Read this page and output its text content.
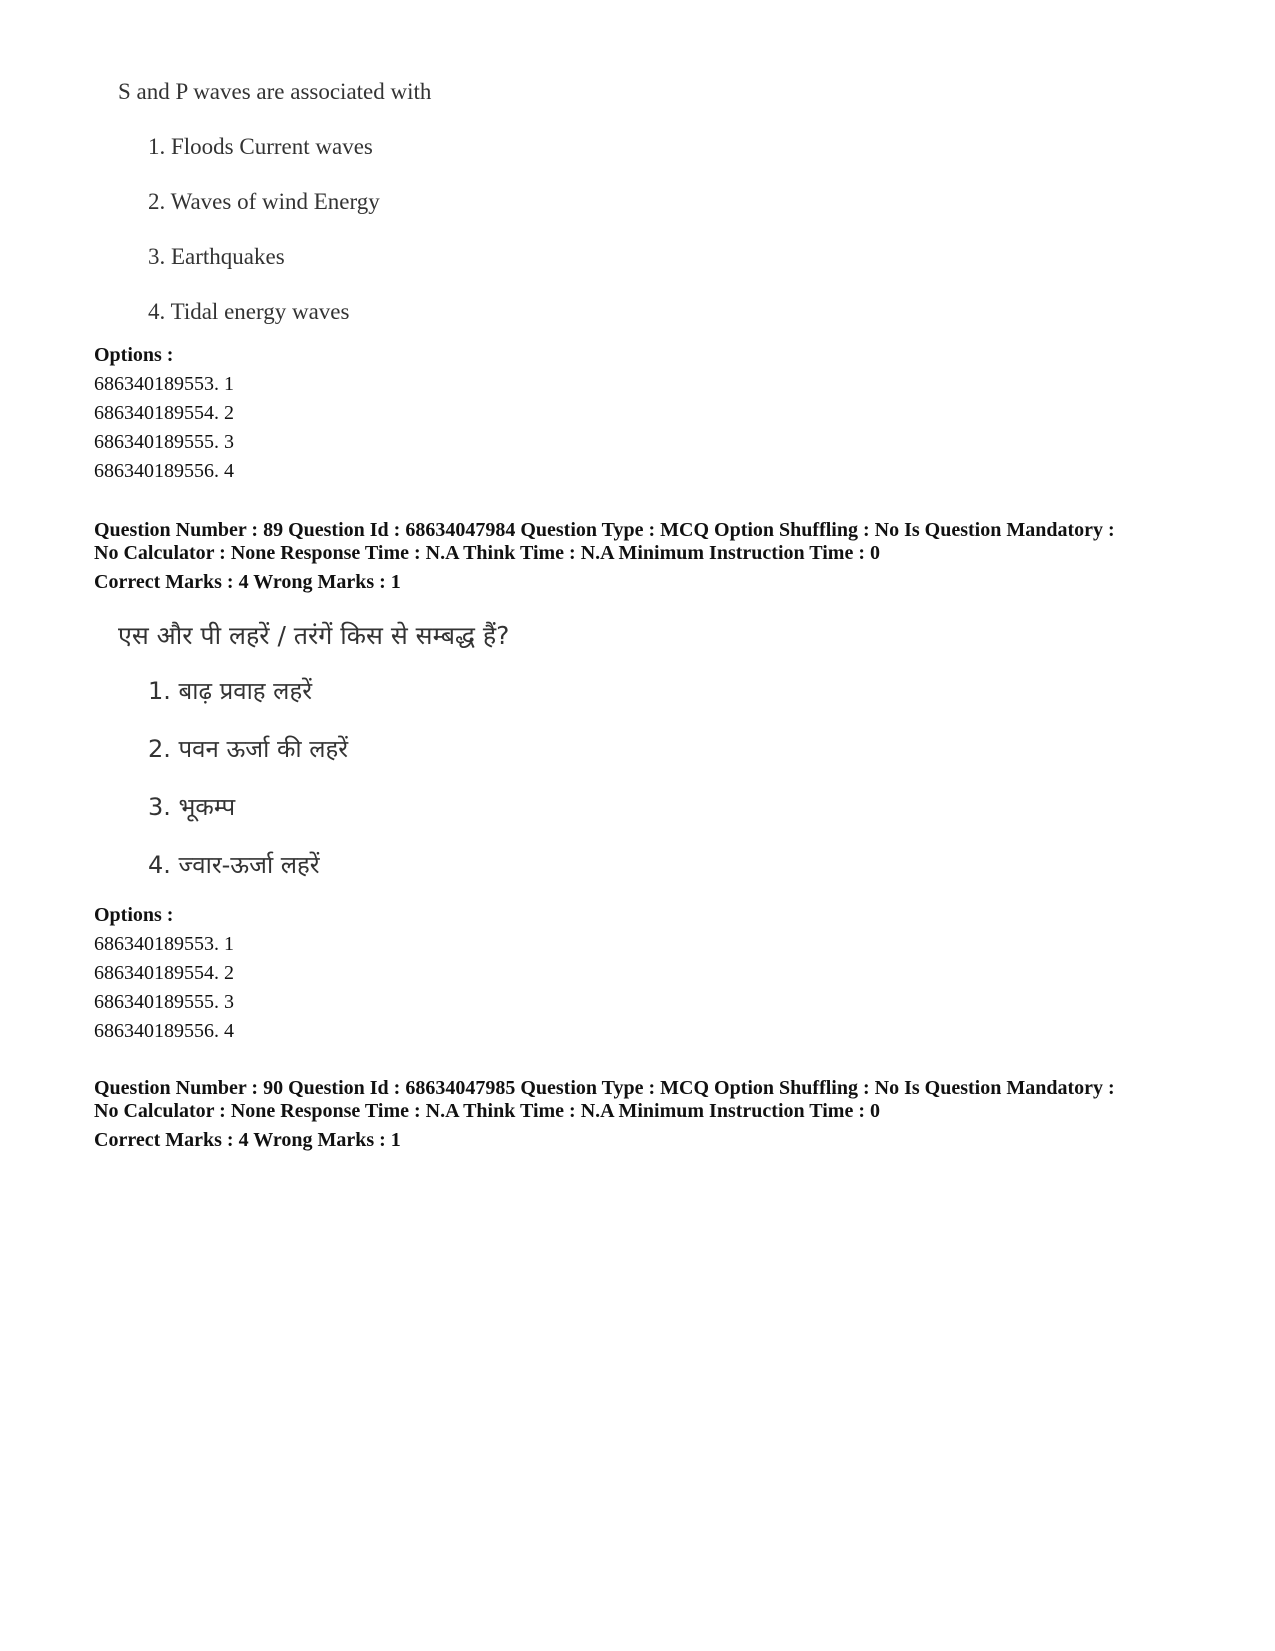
S and P waves are associated with

1. Floods Current waves
2. Waves of wind Energy
3. Earthquakes
4. Tidal energy waves
Options :
686340189553. 1
686340189554. 2
686340189555. 3
686340189556. 4

Question Number : 89 Question Id : 68634047984 Question Type : MCQ Option Shuffling : No Is Question Mandatory :

No Calculator : None Response Time : N.A Think Time : N.A Minimum Instruction Time : 0

Correct Marks : 4 Wrong Marks : 1

एस और पी लहरें / तरंगें किस से सम्बद्ध हैं?

1. बाढ़ प्रवाह लहरें
2. पवन ऊर्जा की लहरें
3. भूकम्प
4. ज्वार-ऊर्जा लहरें
Options :
686340189553. 1
686340189554. 2
686340189555. 3
686340189556. 4

Question Number : 90 Question Id : 68634047985 Question Type : MCQ Option Shuffling : No Is Question Mandatory :

No Calculator : None Response Time : N.A Think Time : N.A Minimum Instruction Time : 0

Correct Marks : 4 Wrong Marks : 1
